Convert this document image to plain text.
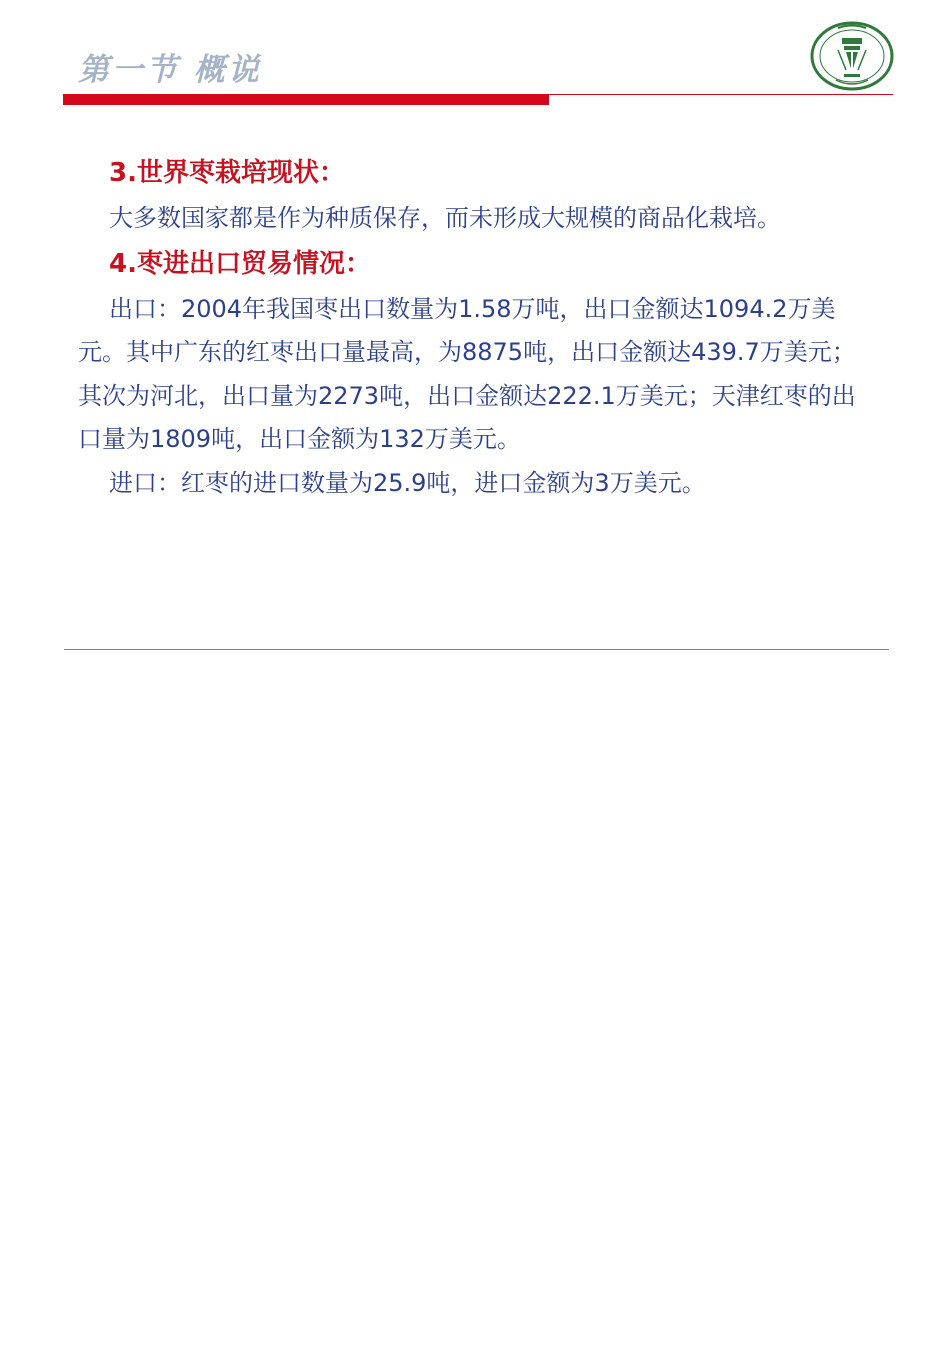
第一节 概说
3.世界枣栽培现状：

大多数国家都是作为种质保存，而未形成大规模的商品化栽培。

4.枣进出口贸易情况：

出口：2004年我国枣出口数量为1.58万吨，出口金额达1094.2万美元。其中广东的红枣出口量最高，为8875吨，出口金额达439.7万美元；其次为河北，出口量为2273吨，出口金额达222.1万美元；天津红枣的出口量为1809吨，出口金额为132万美元。

进口：红枣的进口数量为25.9吨，进口金额为3万美元。
